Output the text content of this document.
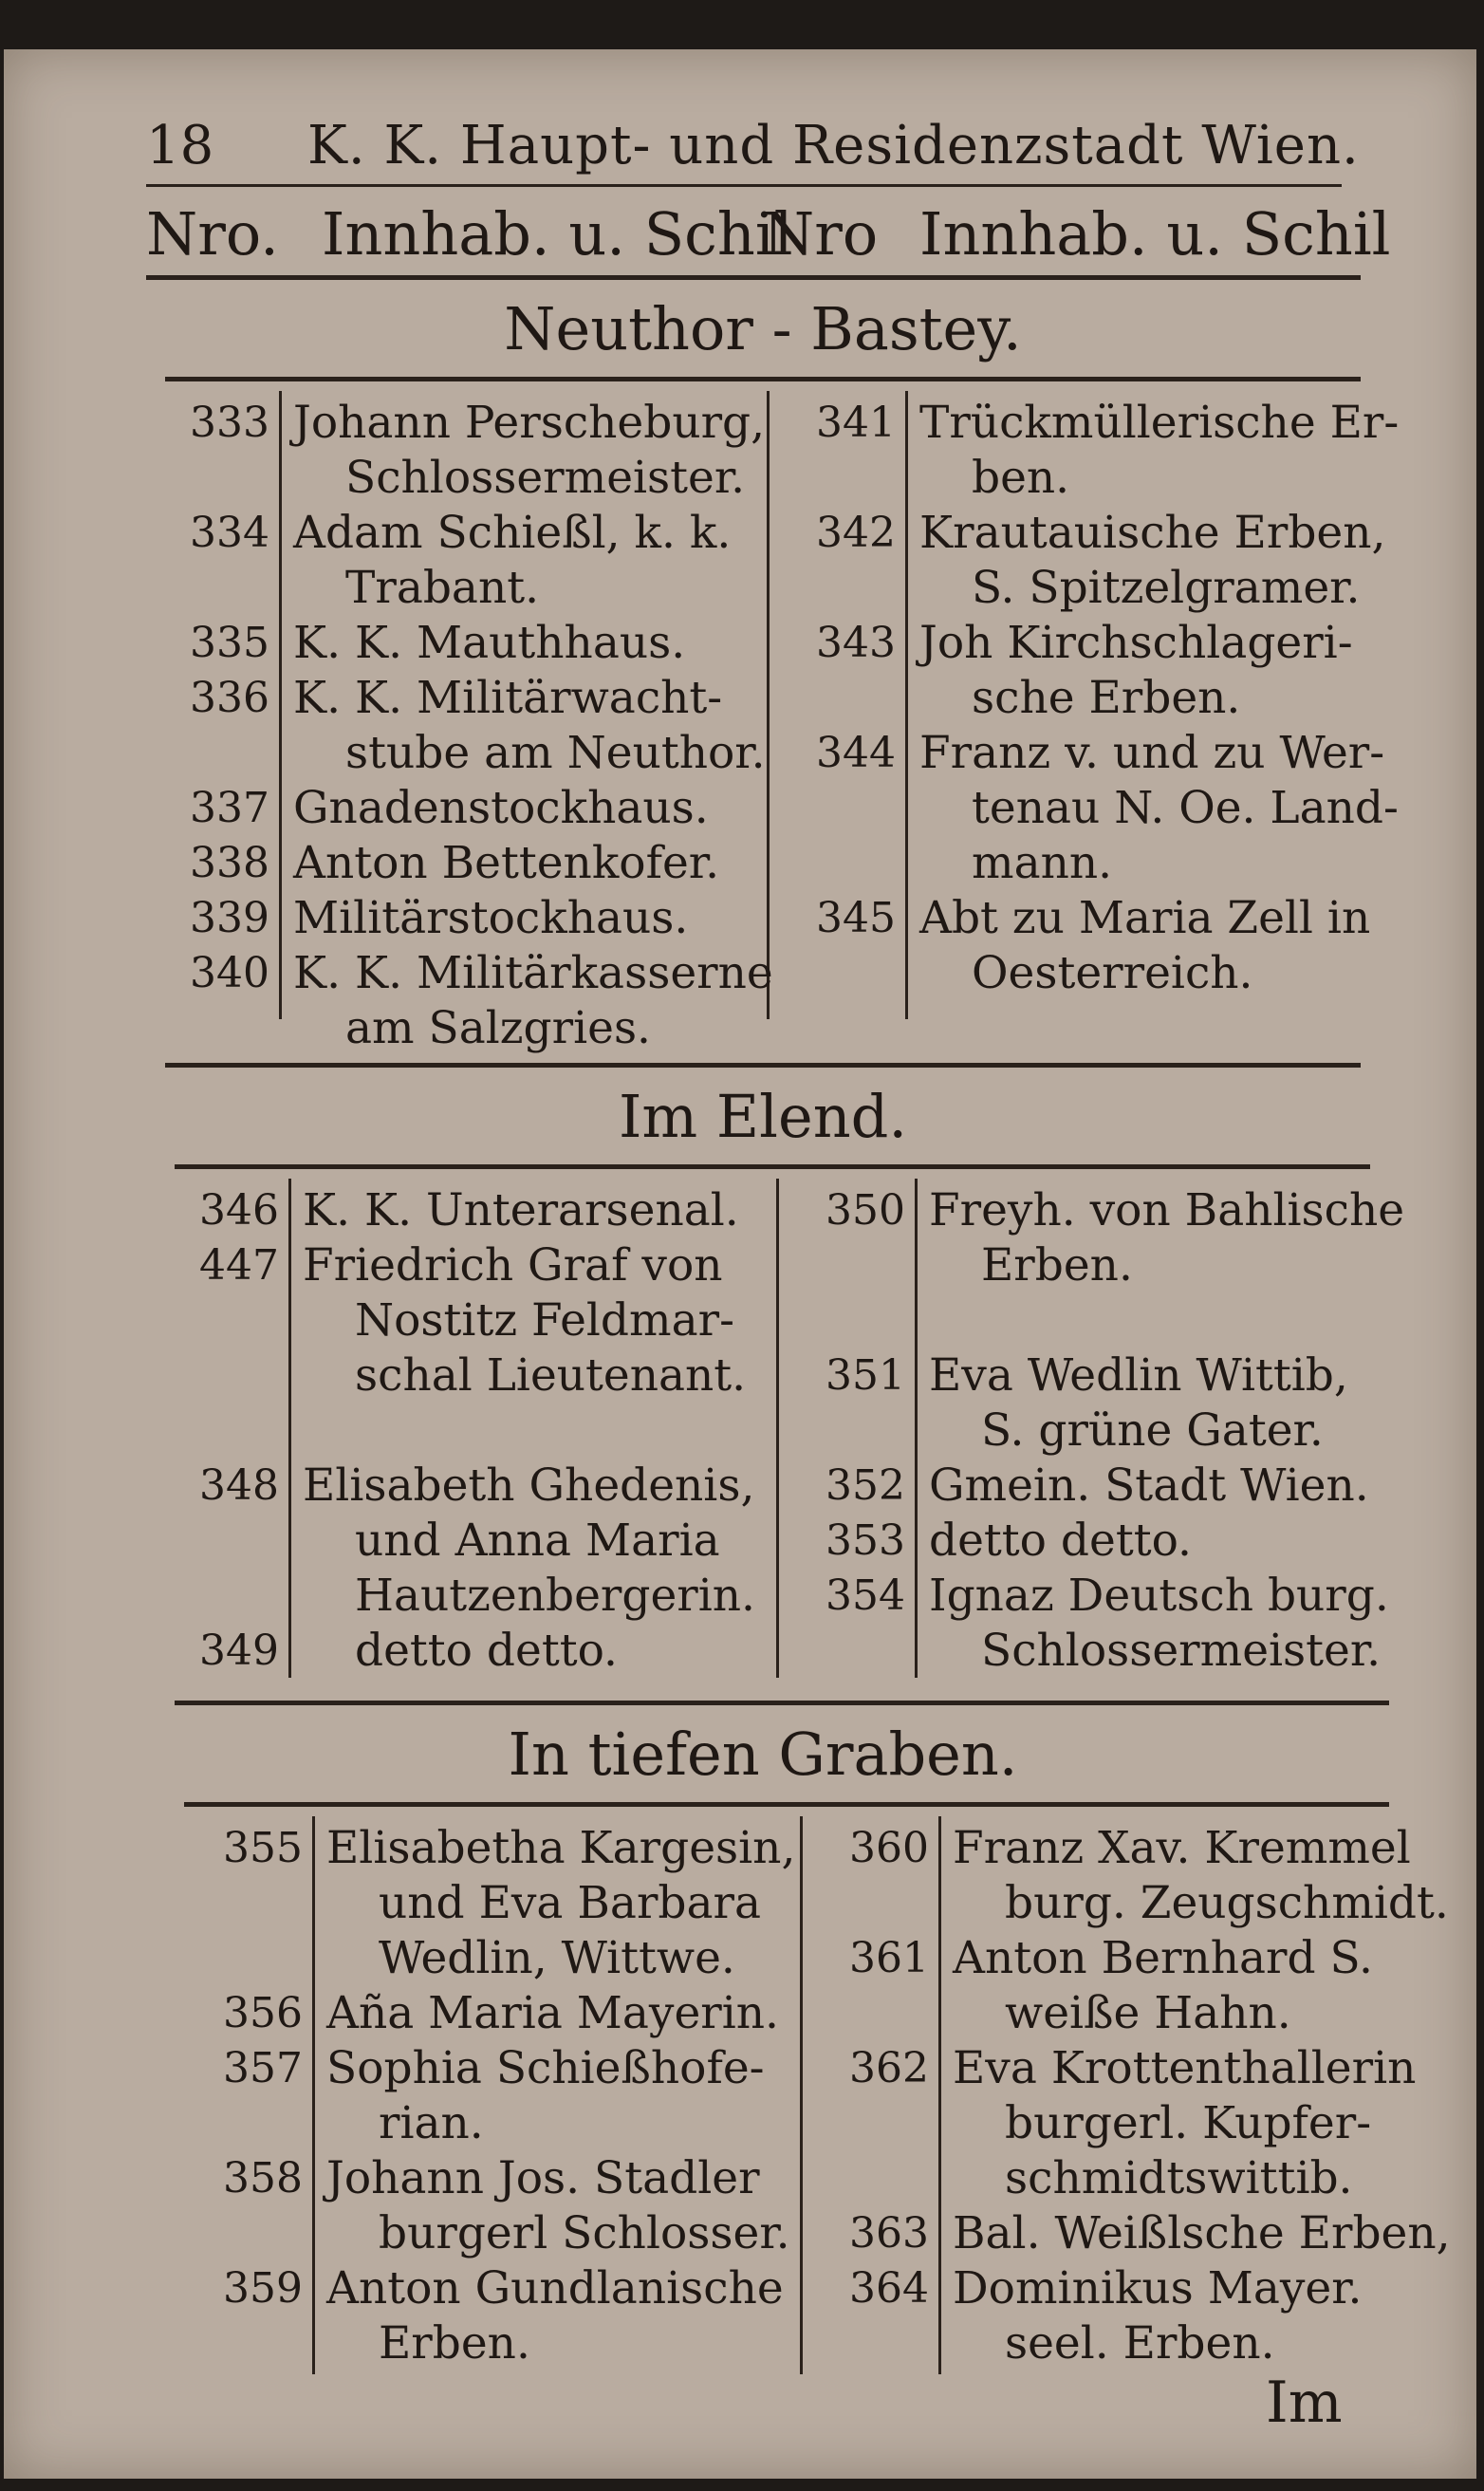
18 K. K. Haupt- und Residenzstadt Wien.
Nro. Innhab. u. Schil
Nro Innhab. u. Schil
Neuthor - Bastey.
333 Johann Perscheburg,
Schlossermeister.
334 Adam Schießl, k. k.
Trabant.
335 K. K. Mauthhaus.
336 K. K. Militärwacht-
stube am Neuthor.
337 Gnadenstockhaus.
338 Anton Bettenkofer.
339 Militärstockhaus.
340 K. K. Militärkasserne
am Salzgries.
341 Trückmüllerische Er-
ben.
342 Krautauische Erben,
S. Spitzelgramer.
343 Joh Kirchschlageri-
sche Erben.
344 Franz v. und zu Wer-
tenau N. Oe. Land-
mann.
345 Abt zu Maria Zell in
Oesterreich.
Im Elend.
346 K. K. Unterarsenal.
447 Friedrich Graf von
Nostitz Feldmar-
schal Lieutenant.
348 Elisabeth Ghedenis,
und Anna Maria
Hautzenbergerin.
349 detto detto.
350 Freyh. von Bahlische
Erben.
351 Eva Wedlin Wittib,
S. grüne Gater.
352 Gmein. Stadt Wien.
353 detto detto.
354 Ignaz Deutsch burg.
Schlossermeister.
In tiefen Graben.
355 Elisabetha Kargesin,
und Eva Barbara
Wedlin, Wittwe.
356 Aña Maria Mayerin.
357 Sophia Schießhofe-
rian.
358 Johann Jos. Stadler
burgerl Schlosser.
359 Anton Gundlanische
Erben.
360 Franz Xav. Kremmel
burg. Zeugschmidt.
361 Anton Bernhard S.
weiße Hahn.
362 Eva Krottenthallerin
burgerl. Kupfer-
schmidtswittib.
363 Bal. Weißlsche Erben,
364 Dominikus Mayer.
seel. Erben.
Im
